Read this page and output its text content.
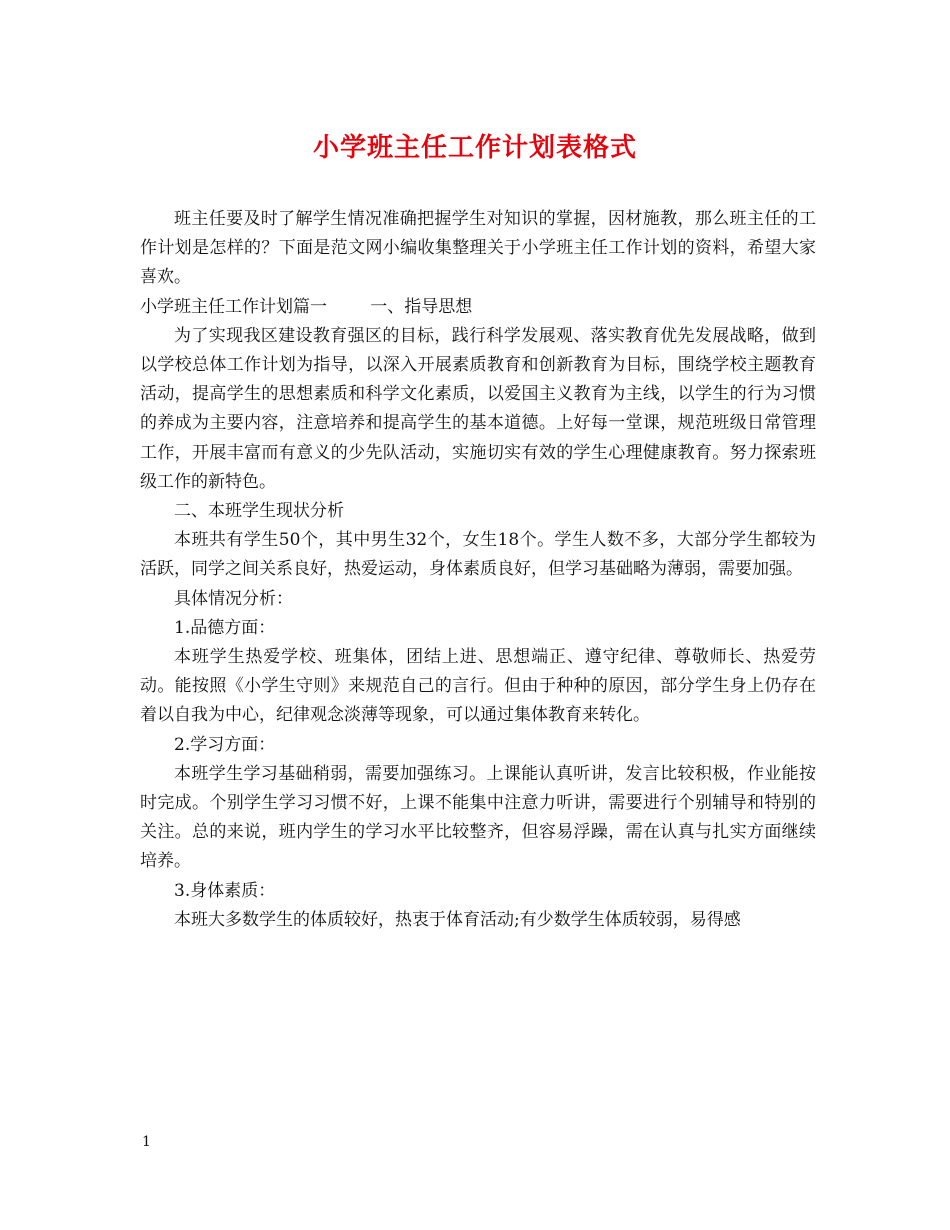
小学班主任工作计划表格式

班主任要及时了解学生情况准确把握学生对知识的掌握，因材施教，那么班主任的工作计划是怎样的？下面是范文网小编收集整理关于小学班主任工作计划的资料，希望大家喜欢。

小学班主任工作计划篇一        一、指导思想

为了实现我区建设教育强区的目标，践行科学发展观、落实教育优先发展战略，做到以学校总体工作计划为指导，以深入开展素质教育和创新教育为目标，围绕学校主题教育活动，提高学生的思想素质和科学文化素质，以爱国主义教育为主线，以学生的行为习惯的养成为主要内容，注意培养和提高学生的基本道德。上好每一堂课，规范班级日常管理工作，开展丰富而有意义的少先队活动，实施切实有效的学生心理健康教育。努力探索班级工作的新特色。

二、本班学生现状分析

本班共有学生50个，其中男生32个，女生18个。学生人数不多，大部分学生都较为活跃，同学之间关系良好，热爱运动，身体素质良好，但学习基础略为薄弱，需要加强。

具体情况分析：

1.品德方面：

本班学生热爱学校、班集体，团结上进、思想端正、遵守纪律、尊敬师长、热爱劳动。能按照《小学生守则》来规范自己的言行。但由于种种的原因，部分学生身上仍存在着以自我为中心，纪律观念淡薄等现象，可以通过集体教育来转化。

2.学习方面：

本班学生学习基础稍弱，需要加强练习。上课能认真听讲，发言比较积极，作业能按时完成。个别学生学习习惯不好，上课不能集中注意力听讲，需要进行个别辅导和特别的关注。总的来说，班内学生的学习水平比较整齐，但容易浮躁，需在认真与扎实方面继续培养。

3.身体素质：

本班大多数学生的体质较好，热衷于体育活动;有少数学生体质较弱，易得感

1
